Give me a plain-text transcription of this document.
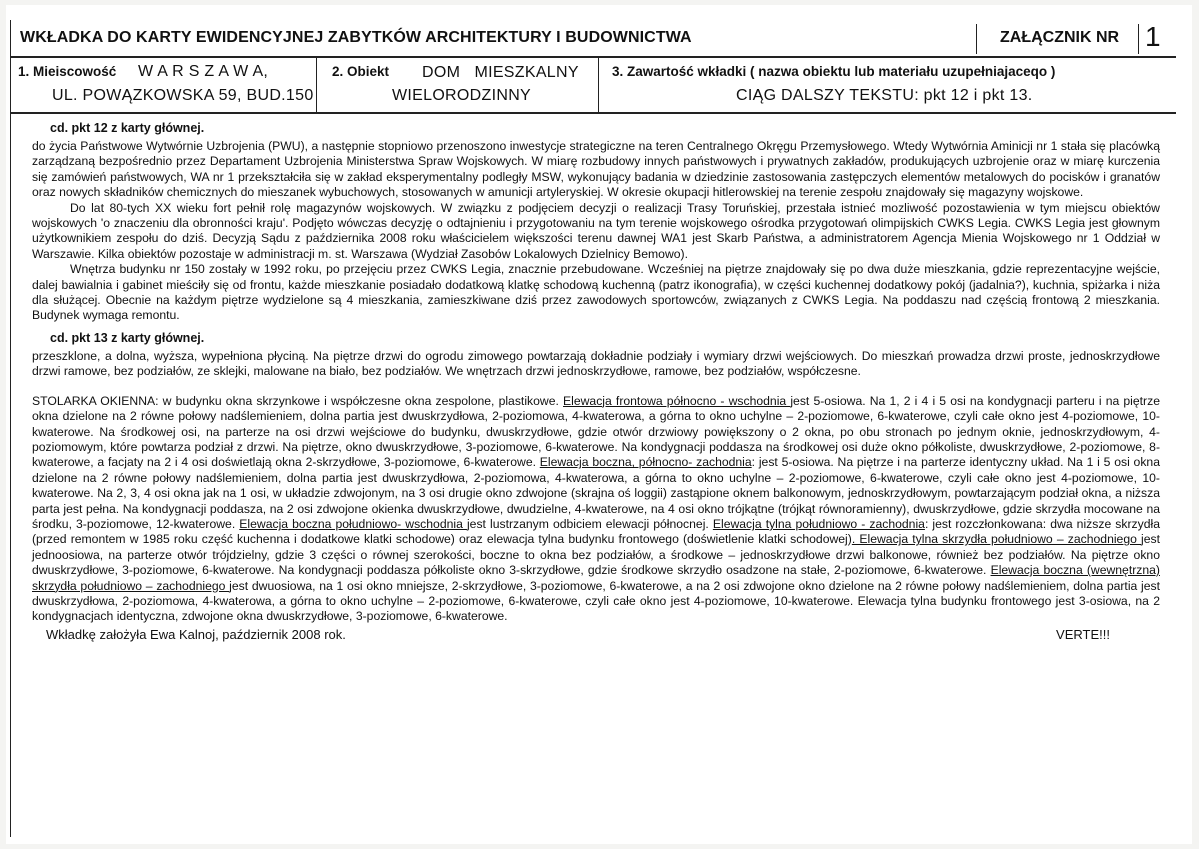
WKŁADKA DO KARTY EWIDENCYJNEJ ZABYTKÓW ARCHITEKTURY I BUDOWNICTWA	ZAŁĄCZNIK NR 1
1. Mieiscowość W A R S Z A W A,
UL. POWĄZKOWSKA 59, BUD.150
2. Obiekt DOM   MIESZKALNY
WIELORODZINNY
3. Zawartość wkładki ( nazwa obiektu lub materiału uzupełniajaceqo )
CIĄG DALSZY TEKSTU: pkt 12 i pkt 13.
cd. pkt 12 z karty głównej.

do życia Państwowe Wytwórnie Uzbrojenia (PWU), a następnie stopniowo przenoszono inwestycje strategiczne na teren Centralnego Okręgu Przemysłowego. Wtedy Wytwórnia Aminicji nr 1 stała się placówką zarządzaną bezpośrednio przez Departament Uzbrojenia Ministerstwa Spraw Wojskowych. W miarę rozbudowy innych państwowych i prywatnych zakładów, produkujących uzbrojenie oraz w miarę kurczenia się zamówień państwowych, WA nr 1 przekształciła się w zakład eksperymentalny podległy MSW, wykonujący badania w dziedzinie zastosowania zastępczych elementów metalowych do pocisków i granatów oraz nowych składników chemicznych do mieszanek wybuchowych, stosowanych w amunicji artyleryskiej. W okresie okupacji hitlerowskiej na terenie zespołu znajdowały się magazyny wojskowe.

Do lat 80-tych XX wieku fort pełnił rolę magazynów wojskowych. W związku z podjęciem decyzji o realizacji Trasy Toruńskiej, przestała istnieć mozliwość pozostawienia w tym miejscu obiektów wojskowych 'o znaczeniu dla obronności kraju'. Podjęto wówczas decyzję o odtajnieniu i przygotowaniu na tym terenie wojskowego ośrodka przygotowań olimpijskich CWKS Legia. CWKS Legia jest głownym użytkownikiem zespołu do dziś. Decyzją Sądu z października 2008 roku właścicielem większości terenu dawnej WA1 jest Skarb Państwa, a administratorem Agencja Mienia Wojskowego nr 1 Oddział w Warszawie. Kilka obiektów pozostaje w administracji m. st. Warszawa (Wydział Zasobów Lokalowych Dzielnicy Bemowo).

Wnętrza budynku nr 150 zostały w 1992 roku, po przejęciu przez CWKS Legia, znacznie przebudowane. Wcześniej na piętrze znajdowały się po dwa duże mieszkania, gdzie reprezentacyjne wejście, dalej bawialnia i gabinet mieściły się od frontu, każde mieszkanie posiadało dodatkową klatkę schodową kuchenną (patrz ikonografia), w części kuchennej dodatkowy pokój (jadalnia?), kuchnia, spiżarka i niża dla służącej. Obecnie na każdym piętrze wydzielone są 4 mieszkania, zamieszkiwane dziś przez zawodowych sportowców, związanych z CWKS Legia. Na poddaszu nad częścią frontową 2 mieszkania. Budynek wymaga remontu.

cd. pkt 13 z karty głównej.

przeszklone, a dolna, wyższa, wypełniona płyciną. Na piętrze drzwi do ogrodu zimowego powtarzają dokładnie podziały i wymiary drzwi wejściowych. Do mieszkań prowadza drzwi proste, jednoskrzydłowe drzwi ramowe, bez podziałów, ze sklejki, malowane na biało, bez podziałów. We wnętrzach drzwi jednoskrzydłowe, ramowe, bez podziałów, współczesne.

STOLARKA OKIENNA: w budynku okna skrzynkowe i współczesne okna zespolone, plastikowe. Elewacja frontowa północno - wschodnia jest 5-osiowa. Na 1, 2 i 4 i 5 osi na kondygnacji parteru i na piętrze okna dzielone na 2 równe połowy nadślemieniem, dolna partia jest dwuskrzydłowa, 2-poziomowa, 4-kwaterowa, a górna to okno uchylne – 2-poziomowe, 6-kwaterowe, czyli całe okno jest 4-poziomowe, 10-kwaterowe. Na środkowej osi, na parterze na osi drzwi wejściowe do budynku, dwuskrzydłowe, gdzie otwór drzwiowy powiększony o 2 okna, po obu stronach po jednym oknie, jednoskrzydłowym, 4-poziomowym, które powtarza podział z drzwi. Na piętrze, okno dwuskrzydłowe, 3-poziomowe, 6-kwaterowe. Na kondygnacji poddasza na środkowej osi duże okno półkoliste, dwuskrzydłowe, 2-poziomowe, 8-kwaterowe, a facjaty na 2 i 4 osi doświetlają okna 2-skrzydłowe, 3-poziomowe, 6-kwaterowe. Elewacja boczna, północno- zachodnia: jest 5-osiowa. Na piętrze i na parterze identyczny układ. Na 1 i 5 osi okna dzielone na 2 równe połowy nadślemieniem, dolna partia jest dwuskrzydłowa, 2-poziomowa, 4-kwaterowa, a górna to okno uchylne – 2-poziomowe, 6-kwaterowe, czyli całe okno jest 4-poziomowe, 10-kwaterowe. Na 2, 3, 4 osi okna jak na 1 osi, w układzie zdwojonym, na 3 osi drugie okno zdwojone (skrajna oś loggii) zastąpione oknem balkonowym, jednoskrzydłowym, powtarzającym podział okna, a niższa parta jest pełna. Na kondygnacji poddasza, na 2 osi zdwojone okienka dwuskrzydłowe, dwudzielne, 4-kwaterowe, na 4 osi okno trójkątne (trójkąt równoramienny), dwuskrzydłowe, gdzie skrzydła mocowane na środku, 3-poziomowe, 12-kwaterowe. Elewacja boczna południowo- wschodnia jest lustrzanym odbiciem elewacji północnej. Elewacja tylna południowo - zachodnia: jest rozczłonkowana: dwa niższe skrzydła (przed remontem w 1985 roku część kuchenna i dodatkowe klatki schodowe) oraz elewacja tylna budynku frontowego (doświetlenie klatki schodowej). Elewacja tylna skrzydła południowo – zachodniego jest jednoosiowa, na parterze otwór trójdzielny, gdzie 3 części o równej szerokości, boczne to okna bez podziałów, a środkowe – jednoskrzydłowe drzwi balkonowe, również bez podziałów. Na piętrze okno dwuskrzydłowe, 3-poziomowe, 6-kwaterowe. Na kondygnacji poddasza półkoliste okno 3-skrzydłowe, gdzie środkowe skrzydło osadzone na stałe, 2-poziomowe, 6-kwaterowe. Elewacja boczna (wewnętrzna) skrzydła południowo – zachodniego jest dwuosiowa, na 1 osi okno mniejsze, 2-skrzydłowe, 3-poziomowe, 6-kwaterowe, a na 2 osi zdwojone okno dzielone na 2 równe połowy nadślemieniem, dolna partia jest dwuskrzydłowa, 2-poziomowa, 4-kwaterowa, a górna to okno uchylne – 2-poziomowe, 6-kwaterowe, czyli całe okno jest 4-poziomowe, 10-kwaterowe. Elewacja tylna budynku frontowego jest 3-osiowa, na 2 kondygnacjach identyczna, zdwojone okna dwuskrzydłowe, 3-poziomowe, 6-kwaterowe.

Wkładkę założyła Ewa Kalnoj, październik 2008 rok.	VERTE!!!
